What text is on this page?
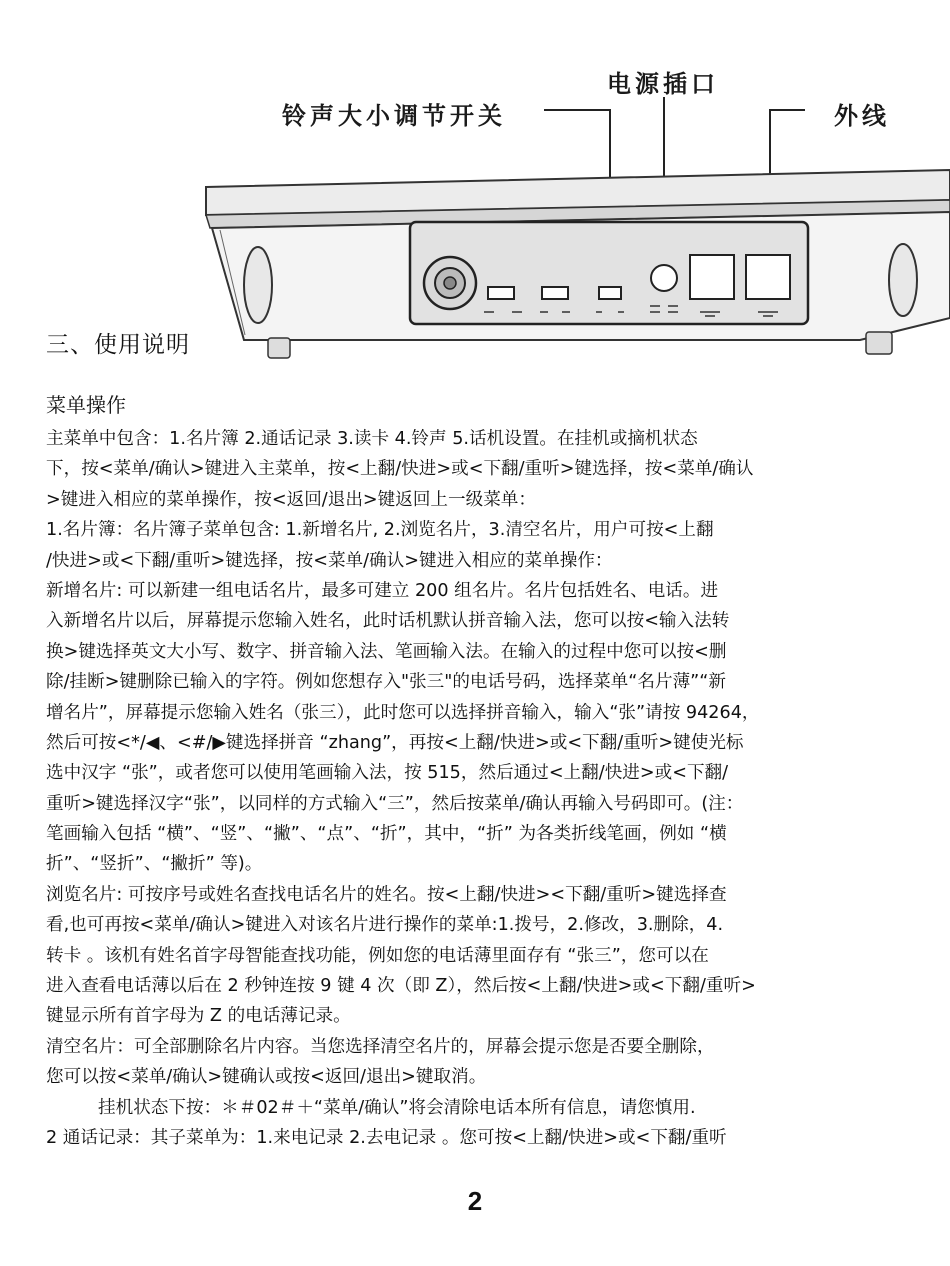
电源插口
铃声大小调节开关	外线
三、使用说明
菜单操作
主菜单中包含：1.名片簿 2.通话记录 3.读卡 4.铃声 5.话机设置。在挂机或摘机状态
下，按<菜单/确认>键进入主菜单，按<上翻/快进>或<下翻/重听>键选择，按<菜单/确认
>键进入相应的菜单操作，按<返回/退出>键返回上一级菜单：
1.名片簿：名片簿子菜单包含: 1.新增名片, 2.浏览名片，3.清空名片，用户可按<上翻
/快进>或<下翻/重听>键选择，按<菜单/确认>键进入相应的菜单操作：
新增名片: 可以新建一组电话名片，最多可建立 200 组名片。名片包括姓名、电话。进
入新增名片以后，屏幕提示您输入姓名，此时话机默认拼音输入法，您可以按<输入法转
换>键选择英文大小写、数字、拼音输入法、笔画输入法。在输入的过程中您可以按<删
除/挂断>键删除已输入的字符。例如您想存入"张三"的电话号码，选择菜单“名片薄”“新
增名片”，屏幕提示您输入姓名（张三），此时您可以选择拼音输入，输入“张”请按 94264，
然后可按<*/◀、<#/▶键选择拼音 “zhang”，再按<上翻/快进>或<下翻/重听>键使光标
选中汉字 “张”，或者您可以使用笔画输入法，按 515，然后通过<上翻/快进>或<下翻/
重听>键选择汉字“张”，以同样的方式输入“三”，然后按菜单/确认再输入号码即可。(注：
笔画输入包括 “横”、“竖”、“撇”、“点”、“折”，其中，“折” 为各类折线笔画，例如 “横
折”、“竖折”、“撇折” 等)。
浏览名片: 可按序号或姓名查找电话名片的姓名。按<上翻/快进><下翻/重听>键选择查
看,也可再按<菜单/确认>键进入对该名片进行操作的菜单:1.拨号，2.修改，3.删除，4.
转卡 。该机有姓名首字母智能查找功能，例如您的电话薄里面存有 “张三”，您可以在
进入查看电话薄以后在 2 秒钟连按 9 键 4 次（即 Z），然后按<上翻/快进>或<下翻/重听>
键显示所有首字母为 Z 的电话薄记录。
清空名片：可全部删除名片内容。当您选择清空名片的，屏幕会提示您是否要全删除，
您可以按<菜单/确认>键确认或按<返回/退出>键取消。
挂机状态下按：＊＃02＃＋“菜单/确认”将会清除电话本所有信息，请您慎用.
2 通话记录：其子菜单为：1.来电记录 2.去电记录 。您可按<上翻/快进>或<下翻/重听
2
